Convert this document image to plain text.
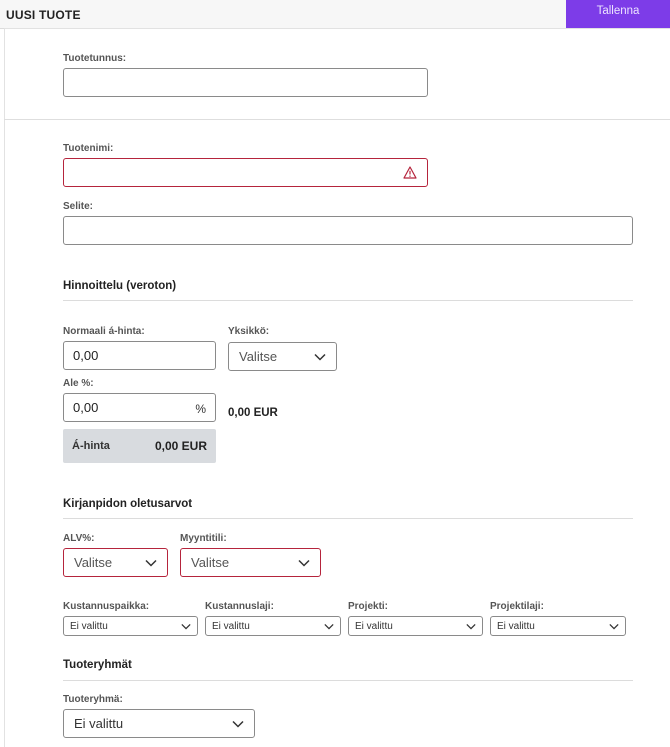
UUSI TUOTE	Tallenna
Tuotetunnus:
Tuotenimi:
Selite:
Hinnoittelu (veroton)
Normaali á-hinta:
0,00
Yksikkö:
Valitse
Ale %:
0,00	% 0,00 EUR
Á-hinta	0,00 EUR
Kirjanpidon oletusarvot
ALV%:
Valitse
Myyntitili:
Valitse
Kustannuspaikka:
Ei valittu
Kustannuslaji:
Ei valittu
Projekti:
Ei valittu
Projektilaji:
Ei valittu
Tuoteryhmät
Tuoteryhmä:
Ei valittu
